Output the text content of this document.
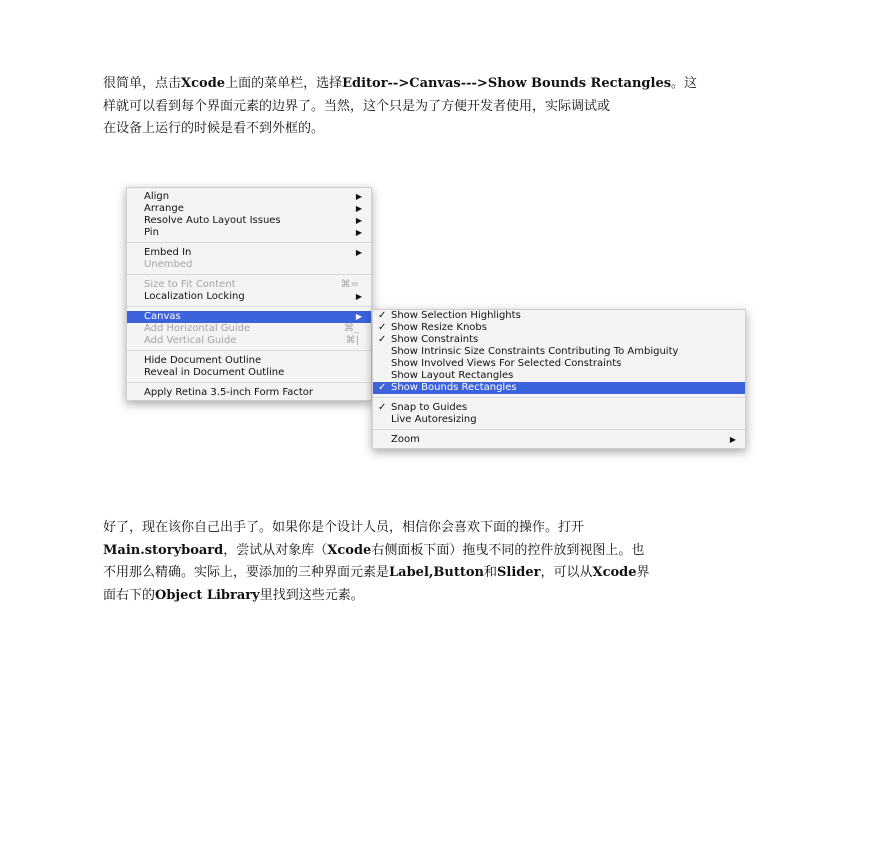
很简单，点击Xcode上面的菜单栏，选择Editor-->Canvas--->Show Bounds Rectangles。这
样就可以看到每个界面元素的边界了。当然，这个只是为了方便开发者使用，实际调试或
在设备上运行的时候是看不到外框的。
Align	▶
Arrange	▶
Resolve Auto Layout Issues	▶
Pin	▶
Embed In	▶
Unembed
Size to Fit Content	⌘=
Localization Locking	▶
Canvas	▶
Add Horizontal Guide	⌘_
Add Vertical Guide	⌘|
Hide Document Outline
Reveal in Document Outline
Apply Retina 3.5-inch Form Factor
✓ Show Selection Highlights
✓ Show Resize Knobs
✓ Show Constraints
Show Intrinsic Size Constraints Contributing To Ambiguity
Show Involved Views For Selected Constraints
Show Layout Rectangles
✓ Show Bounds Rectangles
✓ Snap to Guides
Live Autoresizing
Zoom	▶
好了，现在该你自己出手了。如果你是个设计人员，相信你会喜欢下面的操作。打开
Main.storyboard，尝试从对象库（Xcode右侧面板下面）拖曳不同的控件放到视图上。也
不用那么精确。实际上，要添加的三种界面元素是Label,Button和Slider，可以从Xcode界
面右下的Object Library里找到这些元素。
